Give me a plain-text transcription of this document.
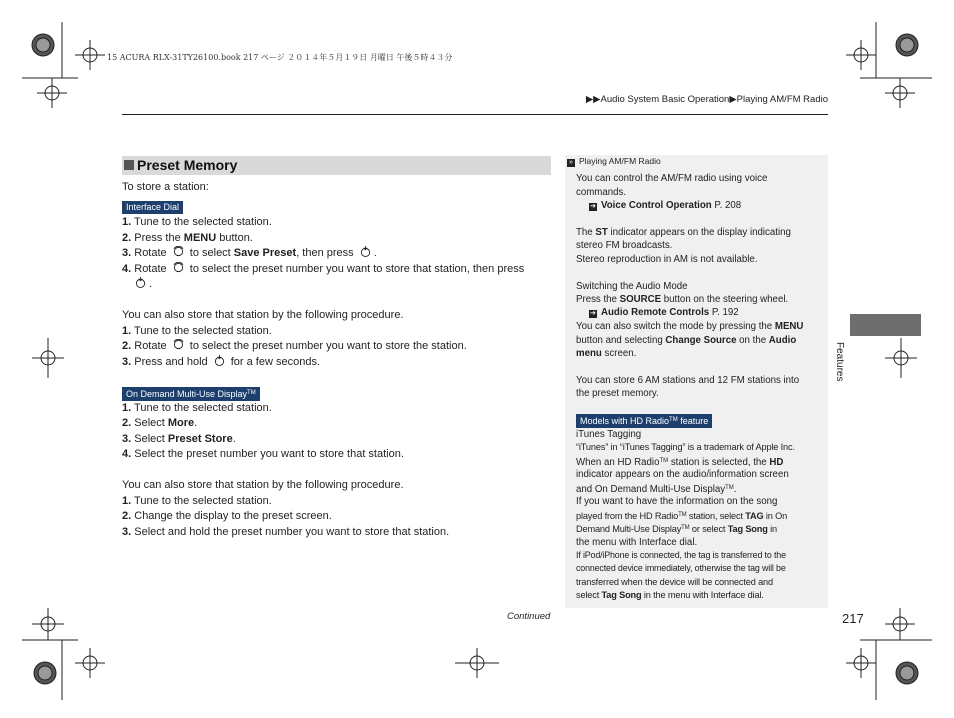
15 ACURA RLX-31TY26100.book 217 ページ ２０１４年５月１９日 月曜日 午後５時４３分
▶▶Audio System Basic Operation▶Playing AM/FM Radio
Preset Memory
To store a station:
Interface Dial
1. Tune to the selected station.
2. Press the MENU button.
3. Rotate  to select Save Preset, then press .
4. Rotate  to select the preset number you want to store that station, then press
.
You can also store that station by the following procedure.
1. Tune to the selected station.
2. Rotate  to select the preset number you want to store the station.
3. Press and hold  for a few seconds.
On Demand Multi-Use Display™
1. Tune to the selected station.
2. Select More.
3. Select Preset Store.
4. Select the preset number you want to store that station.
You can also store that station by the following procedure.
1. Tune to the selected station.
2. Change the display to the preset screen.
3. Select and hold the preset number you want to store that station.
» Playing AM/FM Radio
You can control the AM/FM radio using voice
commands.
➔ Voice Control Operation P. 208
The ST indicator appears on the display indicating
stereo FM broadcasts.
Stereo reproduction in AM is not available.
Switching the Audio Mode
Press the SOURCE button on the steering wheel.
➔ Audio Remote Controls P. 192
You can also switch the mode by pressing the MENU
button and selecting Change Source on the Audio
menu screen.
You can store 6 AM stations and 12 FM stations into
the preset memory.
Models with HD Radio™ feature
iTunes Tagging
“iTunes” in “iTunes Tagging” is a trademark of Apple Inc.
When an HD Radio™ station is selected, the HD
indicator appears on the audio/information screen
and On Demand Multi-Use Display™.
If you want to have the information on the song
played from the HD Radio™ station, select TAG in On
Demand Multi-Use Display™ or select Tag Song in
the menu with Interface dial.
If iPod/iPhone is connected, the tag is transferred to the
connected device immediately, otherwise the tag will be
transferred when the device will be connected and
select Tag Song in the menu with Interface dial.
Features
Continued	217
